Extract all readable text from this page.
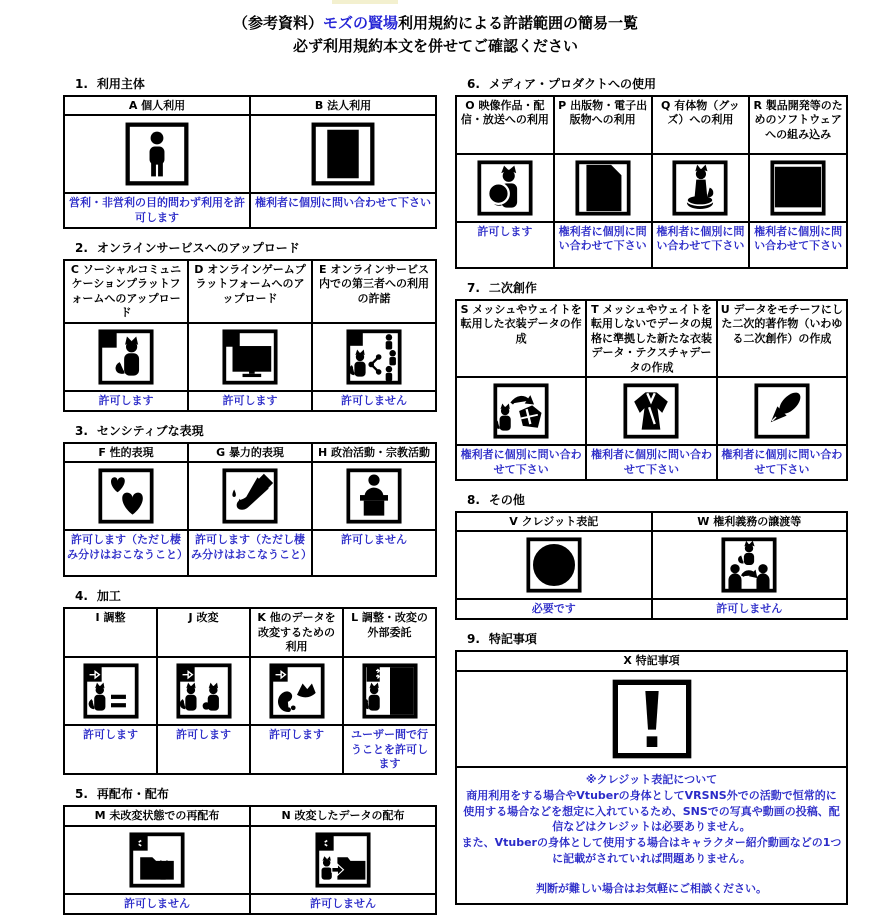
（参考資料）モズの賢場利用規約による許諾範囲の簡易一覧
必ず利用規約本文を併せてご確認ください
1. 利用主体
A 個人利用	B 法人利用

営利・非営利の目的問わず利用を許可します	権利者に個別に問い合わせて下さい
2. オンラインサービスへのアップロード
C ソーシャルコミュニケーションプラットフォームへのアップロード	D オンラインゲームプラットフォームへのアップロード	E オンラインサービス内での第三者への利用の許諾

許可します	許可します	許可しません
3. センシティブな表現
F 性的表現	G 暴力的表現	H 政治活動・宗教活動

許可します（ただし棲み分けはおこなうこと）	許可します（ただし棲み分けはおこなうこと）	許可しません
4. 加工
I 調整	J 改変	K 他のデータを改変するための利用	L 調整・改変の外部委託

許可します	許可します	許可します	ユーザー間で行うことを許可します
5. 再配布・配布
M 未改変状態での再配布	N 改変したデータの配布

許可しません	許可しません
6. メディア・プロダクトへの使用
O 映像作品・配信・放送への利用	P 出版物・電子出版物への利用	Q 有体物（グッズ）への利用	R 製品開発等のためのソフトウェアへの組み込み

許可します	権利者に個別に問い合わせて下さい	権利者に個別に問い合わせて下さい	権利者に個別に問い合わせて下さい
7. 二次創作
S メッシュやウェイトを転用した衣装データの作成	T メッシュやウェイトを転用しないでデータの規格に準拠した新たな衣装データ・テクスチャデータの作成	U データをモチーフにした二次的著作物（いわゆる二次創作）の作成

権利者に個別に問い合わせて下さい	権利者に個別に問い合わせて下さい	権利者に個別に問い合わせて下さい
8. その他
V クレジット表記	W 権利義務の譲渡等

必要です	許可しません
9. 特記事項
X 特記事項

※クレジット表記について
商用利用をする場合やVtuberの身体としてVRSNS外での活動で恒常的に使用する場合などを想定に入れているため、SNSでの写真や動画の投稿、配信などはクレジットは必要ありません。
また、Vtuberの身体として使用する場合はキャラクター紹介動画などの1つに記載がされていれば問題ありません。
判断が難しい場合はお気軽にご相談ください。
